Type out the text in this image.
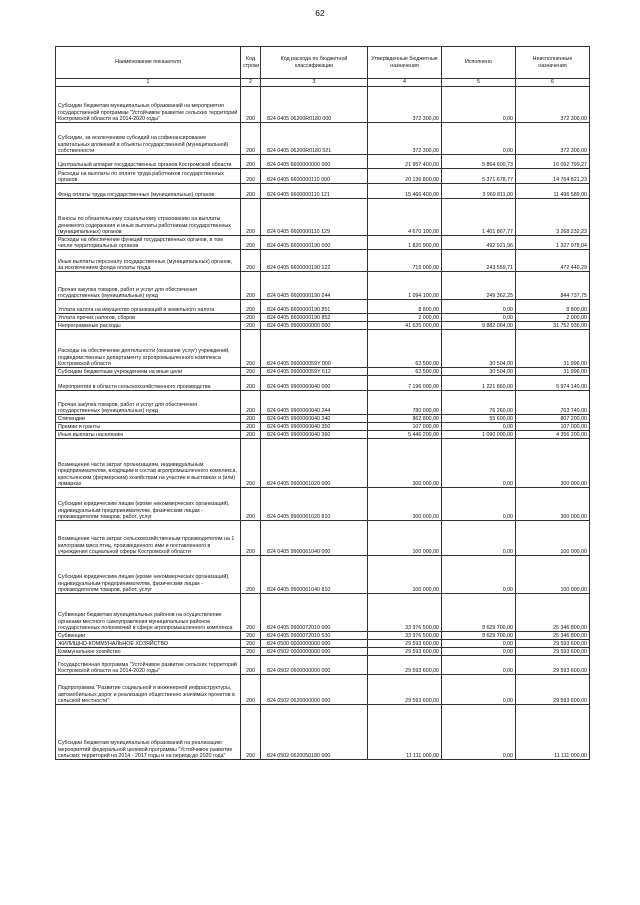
62
Наименование показателя	Код строки	Код расхода по бюджетной классификации	Утвержденные бюджетные назначения	Исполнено	Неисполненные назначения
1	2	3	4	5	6
Субсидии бюджетам муниципальных образований на мероприятия государственной программы "Устойчивое развитие сельских территорий Костромской области на 2014-2020 годы"	200	824 0405 06200R0180 000	372 300,00	0,00	372 300,00
Субсидии, за исключением субсидий на софинансирование капитальных вложений в объекты государственной (муниципальной) собственности	200	824 0405 06200R0180 521	372 300,00	0,00	372 300,00
Центральный аппарат государственных органов Костромской области	200	824 0405 6600000000 000	21 957 400,00	5 864 600,73	16 092 799,27
Расходы на выплаты по оплате труда работников государственных органов	200	824 0405 6600000110 000	20 136 800,00	5 371 678,77	14 764 821,23
Фонд оплаты труда государственных (муниципальных) органов	200	824 0405 6600000110 121	15 466 400,00	3 969 811,00	11 496 589,00
Взносы по обязательному социальному страхованию на выплаты денежного содержания и иные выплаты работникам государственных (муниципальных) органов	200	824 0405 6600000110 129	4 670 100,00	1 401 867,77	3 268 232,23
Расходы на обеспечение функций государственных органов, в том числе территориальных органов	200	824 0405 6600000190 000	1 820 900,00	492 921,96	1 327 978,04
Иные выплаты персоналу государственных (муниципальных) органов, за исключением фонда оплаты труда	200	824 0405 6600000190 122	715 000,00	243 559,71	472 440,29
Прочая закупка товаров, работ и услуг для обеспечения государственных (муниципальных) нужд	200	824 0405 6600000190 244	1 094 100,00	249 362,25	844 737,75
Уплата налога на имущество организаций и земельного налога	200	824 0405 6600000190 851	8 800,00	0,00	8 800,00
Уплата прочих налогов, сборов	200	824 0405 6600000190 852	2 000,00	0,00	2 000,00
Непрограммные расходы	200	824 0405 9900000000 000	41 635 000,00	9 882 064,00	31 752 936,00
Расходы на обеспечение деятельности (оказание услуг) учреждений, подведомственных департаменту агропромышленного комплекса Костромской области	200	824 0405 990000059Y 000	62 500,00	30 504,00	31 996,00
Субсидии бюджетным учреждениям на иные цели	200	824 0405 990000059Y 612	62 500,00	30 504,00	31 996,00
Мероприятия в области сельскохозяйственного производства	200	824 0405 9900060040 000	7 196 000,00	1 221 860,00	5 974 140,00
Прочая закупка товаров, работ и услуг для обеспечения государственных (муниципальных) нужд	200	824 0405 9900060040 244	780 000,00	76 260,00	703 740,00
Стипендии	200	824 0405 9900060040 340	862 800,00	55 600,00	807 200,00
Премии и гранты	200	824 0405 9900060040 350	107 000,00	0,00	107 000,00
Иные выплаты населению	200	824 0405 9900060040 360	5 446 200,00	1 090 000,00	4 356 200,00
Возмещение части затрат организациям, индивидуальным предпринимателям, входящим в состав агропромышленного комплекса, крестьянским (фермерским) хозяйствам на участие в выставках и (или) ярмарках	200	824 0405 9900061020 000	300 000,00	0,00	300 000,00
Субсидии юридическим лицам (кроме некоммерческих организаций), индивидуальным предпринимателям, физическим лицам - производителям товаров, работ, услуг	200	824 0405 9900061020 810	300 000,00	0,00	300 000,00
Возмещение части затрат сельскохозяйственным производителям на 1 килограмм мяса птиц, произведенного ими и поставленного в учреждения социальной сферы Костромской области	200	824 0405 9900061040 000	100 000,00	0,00	100 000,00
Субсидии юридическим лицам (кроме некоммерческих организаций), индивидуальным предпринимателям, физическим лицам - производителям товаров, работ, услуг	200	824 0405 9900061040 810	100 000,00	0,00	100 000,00
Субвенции бюджетам муниципальных районов на осуществление органами местного самоуправления муниципальных районов государственных полномочий в сфере агропромышленного комплекса	200	824 0405 9900072010 000	33 976 500,00	8 629 700,00	25 346 800,00
Субвенции	200	824 0405 9900072010 530	33 976 500,00	8 629 700,00	25 346 800,00
ЖИЛИЩНО-КОММУНАЛЬНОЕ ХОЗЯЙСТВО	200	824 0500 0000000000 000	29 593 600,00	0,00	29 593 600,00
Коммунальное хозяйство	200	824 0502 0000000000 000	29 593 600,00	0,00	29 593 600,00
Государственная программа "Устойчивое развитие сельских территорий Костромской области на 2014-2020 годы"	200	824 0502 0600000000 000	29 593 600,00	0,00	29 593 600,00
Подпрограмма "Развитие социальной и инженерной инфраструктуры, автомобильных дорог и реализация общественно значимых проектов в сельской местности"	200	824 0502 0620000000 000	29 593 600,00	0,00	29 593 600,00
Субсидии бюджетам муниципальных образований на реализацию мероприятий федеральной целевой программы "Устойчивое развитие сельских территорий на 2014 - 2017 годы и на период до 2020 года"	200	824 0502 0620050180 000	11 111 000,00	0,00	11 111 000,00
